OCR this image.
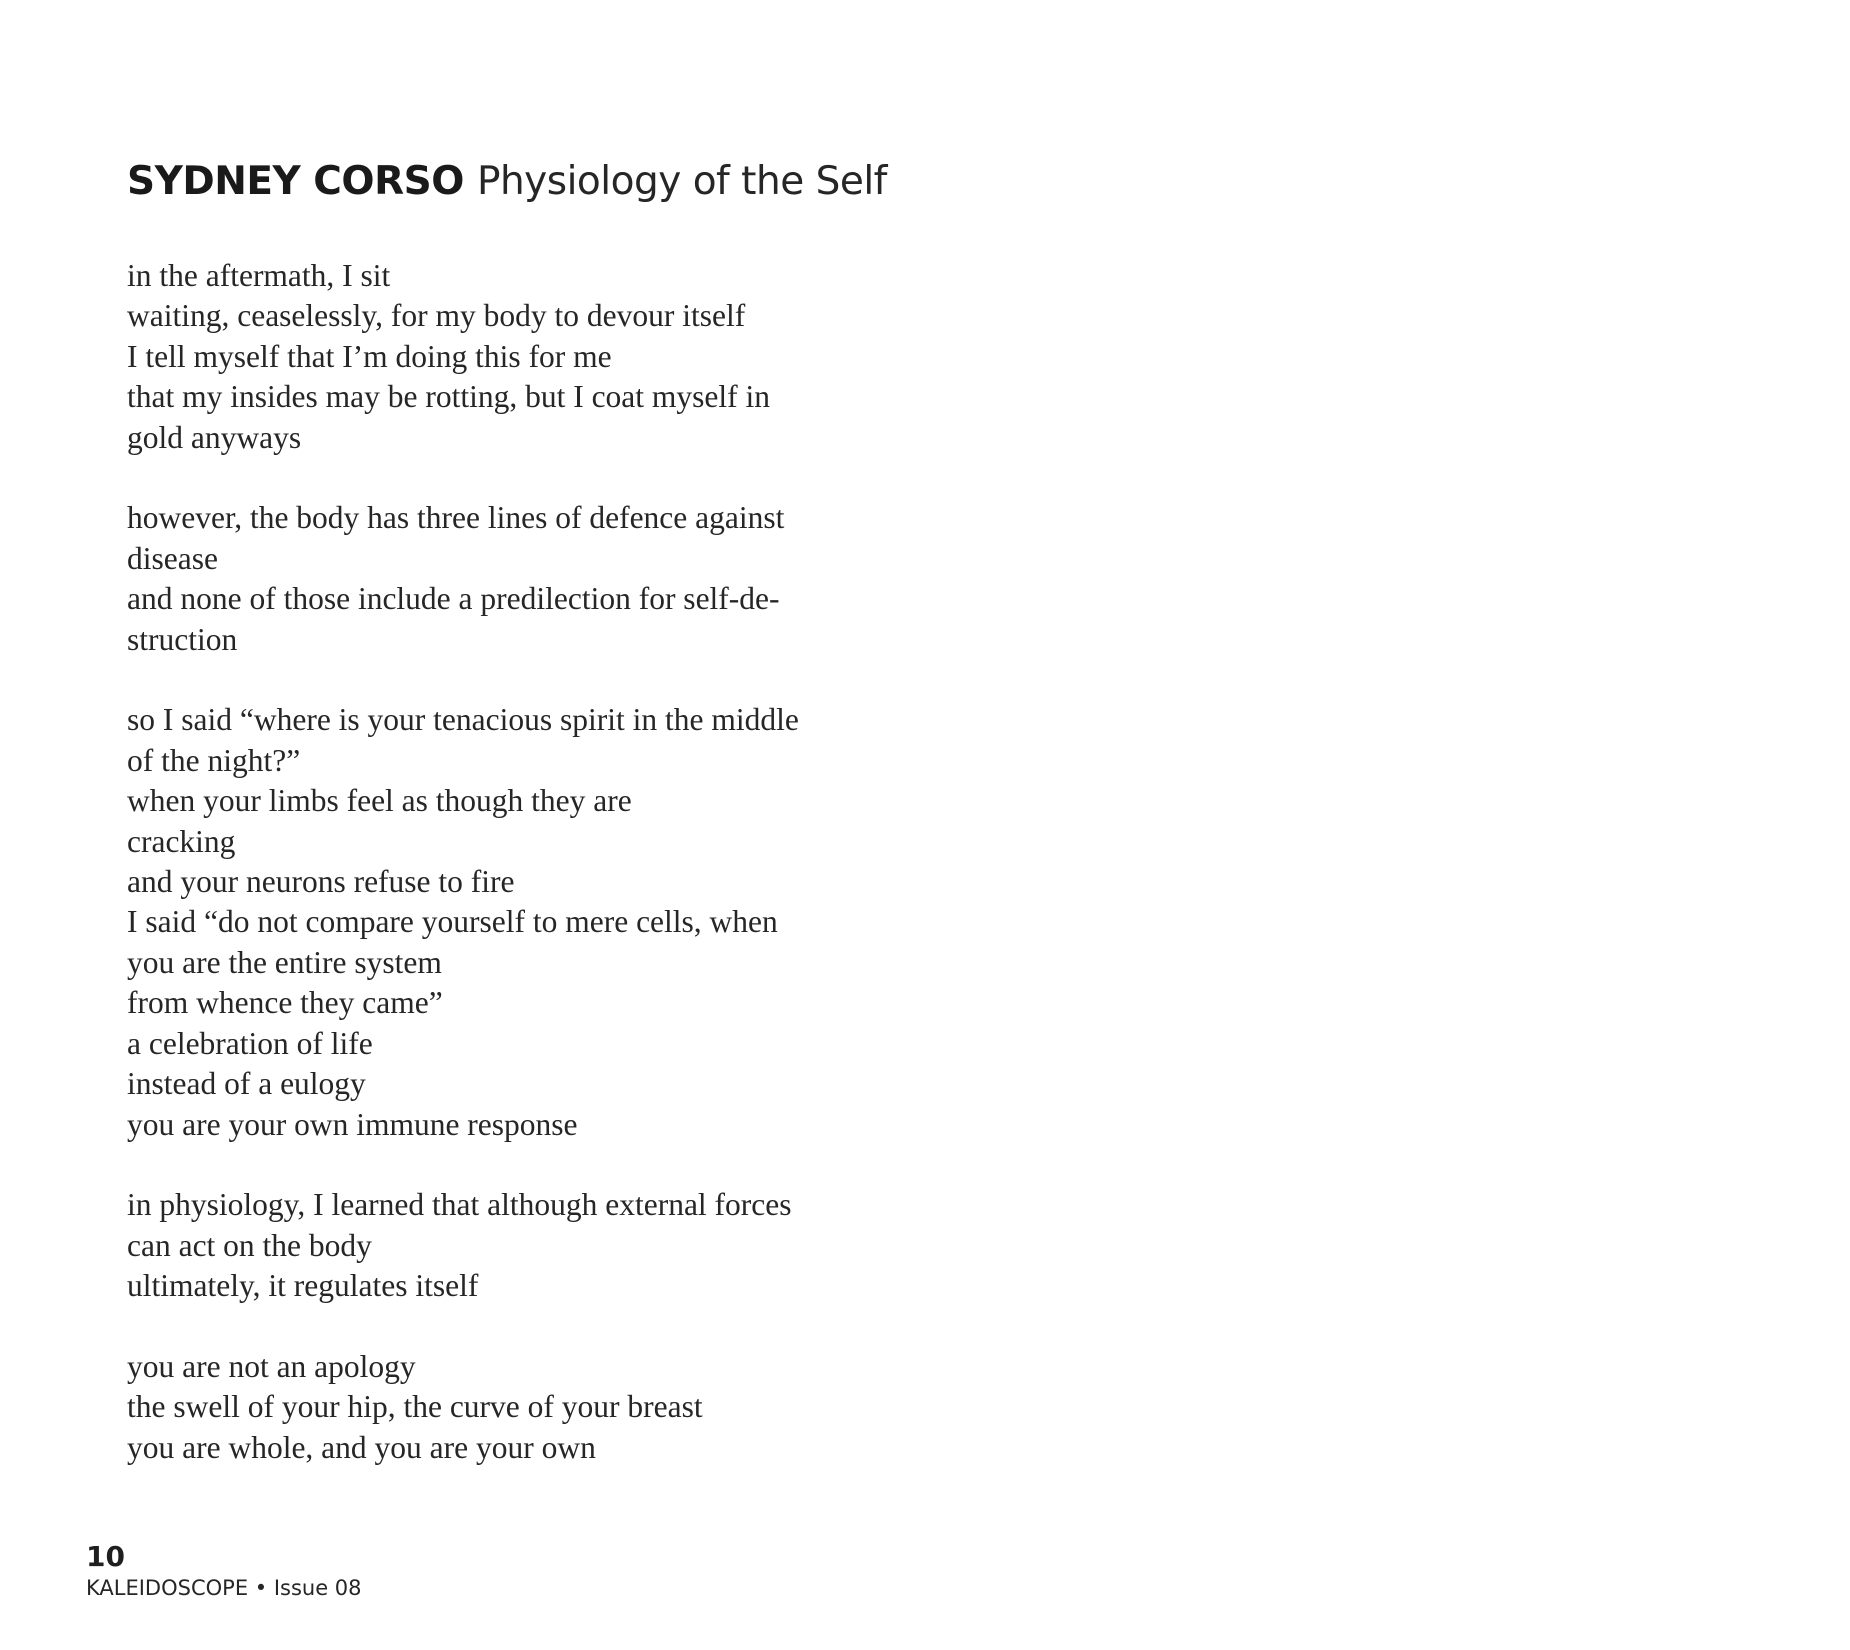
SYDNEY CORSO Physiology of the Self

in the aftermath, I sit
waiting, ceaselessly, for my body to devour itself
I tell myself that I’m doing this for me
that my insides may be rotting, but I coat myself in
gold anyways

however, the body has three lines of defence against
disease
and none of those include a predilection for self-de-
struction

so I said “where is your tenacious spirit in the middle
of the night?”
when your limbs feel as though they are
cracking
and your neurons refuse to fire
I said “do not compare yourself to mere cells, when
you are the entire system
from whence they came”
a celebration of life
instead of a eulogy
you are your own immune response

in physiology, I learned that although external forces
can act on the body
ultimately, it regulates itself

you are not an apology
the swell of your hip, the curve of your breast
you are whole, and you are your own

10
KALEIDOSCOPE • Issue 08
